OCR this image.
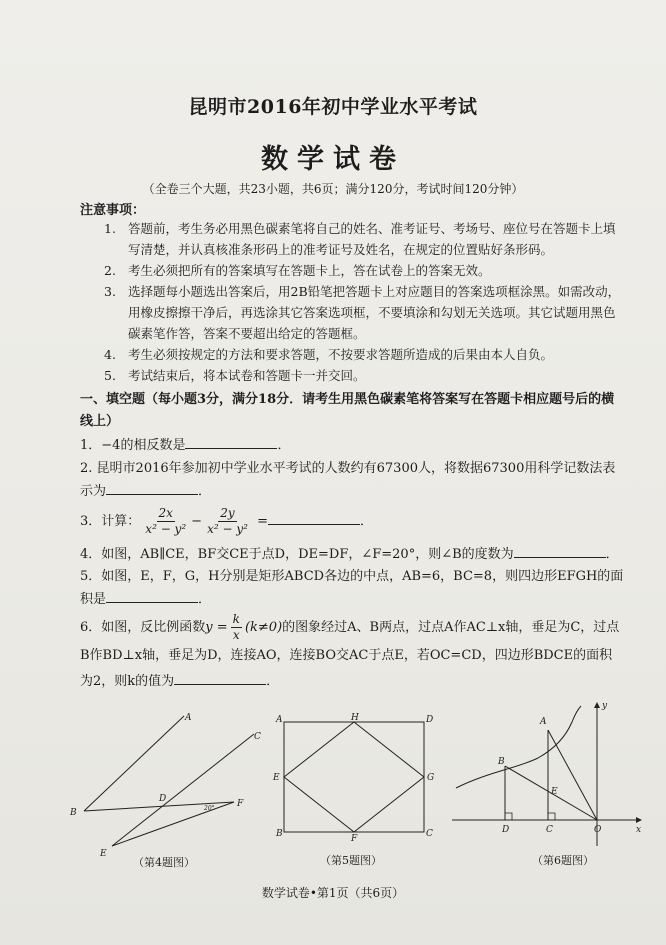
昆明市2016年初中学业水平考试
数学试卷
（全卷三个大题，共23小题，共6页；满分120分，考试时间120分钟）
注意事项：
1. 答题前，考生务必用黑色碳素笔将自己的姓名、准考证号、考场号、座位号在答题卡上填写清楚，并认真核准条形码上的准考证号及姓名，在规定的位置贴好条形码。
2. 考生必须把所有的答案填写在答题卡上，答在试卷上的答案无效。
3. 选择题每小题选出答案后，用2B铅笔把答题卡上对应题目的答案选项框涂黑。如需改动，用橡皮擦擦干净后，再选涂其它答案选项框，不要填涂和勾划无关选项。其它试题用黑色碳素笔作答，答案不要超出给定的答题框。
4. 考生必须按规定的方法和要求答题，不按要求答题所造成的后果由本人自负。
5. 考试结束后，将本试卷和答题卡一并交回。
一、填空题（每小题3分，满分18分．请考生用黑色碳素笔将答案写在答题卡相应题号后的横线上）
1．−4的相反数是	．
2. 昆明市2016年参加初中学业水平考试的人数约有67300人，将数据67300用科学记数法表示为	．
3．计算： $\frac{2x}{\text{x² − y²}} - \frac{2y}{\text{x² − y²}}$ =	．
4．如图，AB∥CE，BF交CE于点D，DE=DF，∠F=20°，则∠B的度数为	．
5．如图，E，F，G，H分别是矩形ABCD各边的中点，AB=6，BC=8，则四边形EFGH的面积是	．
6．如图，反比例函数$y = \frac{k}{x} (k\ne 0)$的图象经过A、B两点，过点A作AC⊥x轴，垂足为C，过点B作BD⊥x轴，垂足为D，连接AO，连接BO交AC于点E，若OC=CD，四边形BDCE的面积为2，则k的值为	．
A
B
C
D
E
F
20°
（第4题图）
A
B	C
D
E
F
G
H
（第5题图）
A
B
C
D
E
O	x
y
（第6题图）
数学试卷•第1页（共6页）
